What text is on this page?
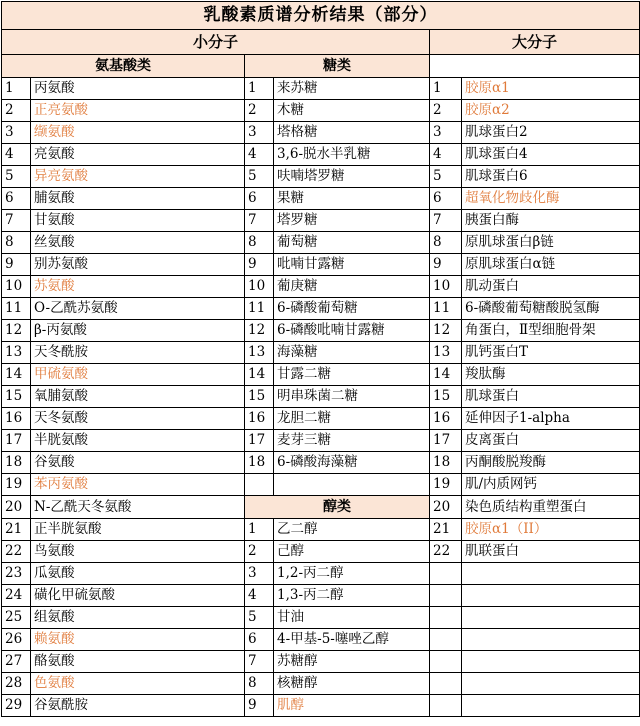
乳酸素质谱分析结果（部分）					
小分子				大分子	
氨基酸类		糖类			
1	丙氨酸	1	来苏糖	1	胶原α1
2	正亮氨酸	2	木糖	2	胶原α2
3	缬氨酸	3	塔格糖	3	肌球蛋白2
4	亮氨酸	4	3,6-脱水半乳糖	4	肌球蛋白4
5	异亮氨酸	5	呋喃塔罗糖	5	肌球蛋白6
6	脯氨酸	6	果糖	6	超氧化物歧化酶
7	甘氨酸	7	塔罗糖	7	胰蛋白酶
8	丝氨酸	8	葡萄糖	8	原肌球蛋白β链
9	别苏氨酸	9	吡喃甘露糖	9	原肌球蛋白α链
10	苏氨酸	10	葡庚糖	10	肌动蛋白
11	O-乙酰苏氨酸	11	6-磷酸葡萄糖	11	6-磷酸葡萄糖酸脱氢酶
12	β-丙氨酸	12	6-磷酸吡喃甘露糖	12	角蛋白，Ⅱ型细胞骨架
13	天冬酰胺	13	海藻糖	13	肌钙蛋白T
14	甲硫氨酸	14	甘露二糖	14	羧肽酶
15	氧脯氨酸	15	明串珠菌二糖	15	肌球蛋白
16	天冬氨酸	16	龙胆二糖	16	延伸因子1-alpha
17	半胱氨酸	17	麦芽三糖	17	皮离蛋白
18	谷氨酸	18	6-磷酸海藻糖	18	丙酮酸脱羧酶
19	苯丙氨酸			19	肌/内质网钙
20	N-乙酰天冬氨酸	醇类		20	染色质结构重塑蛋白
21	正半胱氨酸	1	乙二醇	21	胶原α1（II）
22	鸟氨酸	2	己醇	22	肌联蛋白
23	瓜氨酸	3	1,2-丙二醇		
24	磺化甲硫氨酸	4	1,3-丙二醇		
25	组氨酸	5	甘油		
26	赖氨酸	6	4-甲基-5-噻唑乙醇		
27	酪氨酸	7	苏糖醇		
28	色氨酸	8	核糖醇		
29	谷氨酰胺	9	肌醇		
